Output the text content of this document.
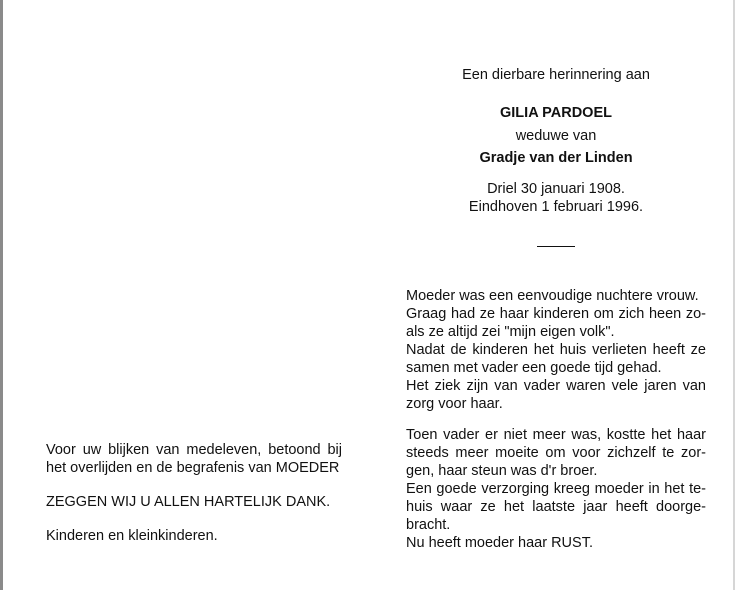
Een dierbare herinnering aan
GILIA PARDOEL
weduwe van
Gradje van der Linden
Driel 30 januari 1908.
Eindhoven 1 februari 1996.
Moeder was een eenvoudige nuchtere vrouw.
Graag had ze haar kinderen om zich heen zo-
als ze altijd zei "mijn eigen volk".
Nadat de kinderen het huis verlieten heeft ze
samen met vader een goede tijd gehad.
Het ziek zijn van vader waren vele jaren van
zorg voor haar.
Toen vader er niet meer was, kostte het haar
steeds meer moeite om voor zichzelf te zor-
gen, haar steun was d'r broer.
Een goede verzorging kreeg moeder in het te-
huis waar ze het laatste jaar heeft doorge-
bracht.
Nu heeft moeder haar RUST.
Voor uw blijken van medeleven, betoond bij
het overlijden en de begrafenis van MOEDER
ZEGGEN WIJ U ALLEN HARTELIJK DANK.
Kinderen en kleinkinderen.
